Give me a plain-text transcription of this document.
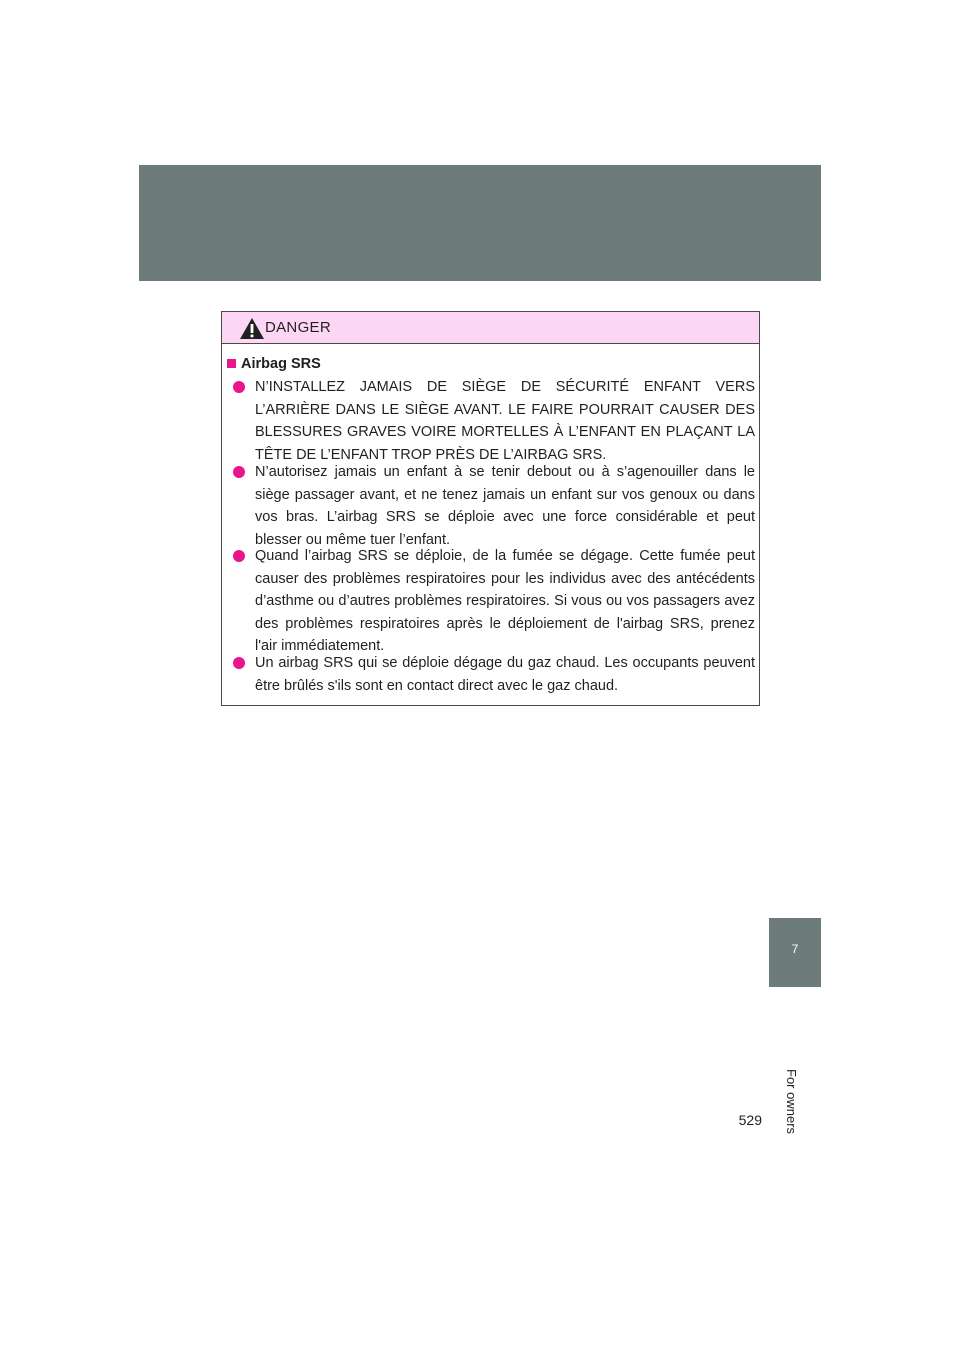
DANGER
Airbag SRS
N’INSTALLEZ JAMAIS DE SIÈGE DE SÉCURITÉ ENFANT VERS L’ARRIÈRE DANS LE SIÈGE AVANT. LE FAIRE POURRAIT CAUSER DES BLESSURES GRAVES VOIRE MORTELLES À L’ENFANT EN PLAÇANT LA TÊTE DE L’ENFANT TROP PRÈS DE L’AIRBAG SRS.
N’autorisez jamais un enfant à se tenir debout ou à s’agenouiller dans le siège passager avant, et ne tenez jamais un enfant sur vos genoux ou dans vos bras. L’airbag SRS se déploie avec une force considérable et peut blesser ou même tuer l’enfant.
Quand l’airbag SRS se déploie, de la fumée se dégage. Cette fumée peut causer des problèmes respiratoires pour les individus avec des antécédents d’asthme ou d’autres problèmes respiratoires. Si vous ou vos passagers avez des problèmes respiratoires après le déploiement de l'airbag SRS, prenez l'air immédiatement.
Un airbag SRS qui se déploie dégage du gaz chaud. Les occupants peuvent être brûlés s'ils sont en contact direct avec le gaz chaud.
7
For owners
529
